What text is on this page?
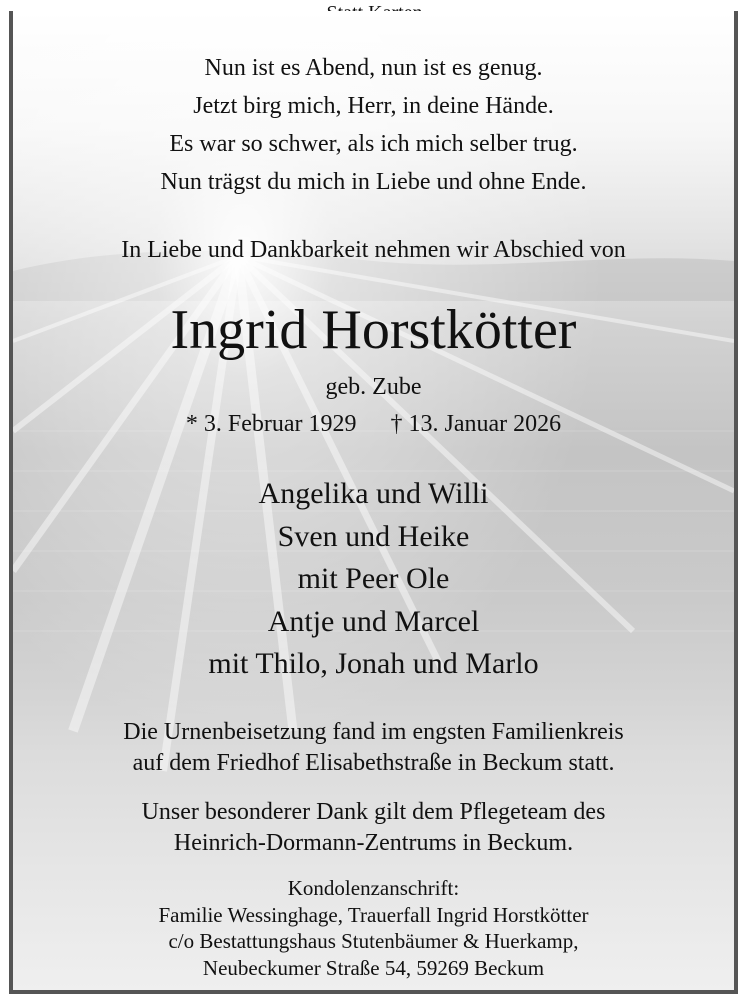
Nun ist es Abend, nun ist es genug.
Jetzt birg mich, Herr, in deine Hände.
Es war so schwer, als ich mich selber trug.
Nun trägst du mich in Liebe und ohne Ende.
In Liebe und Dankbarkeit nehmen wir Abschied von
Ingrid Horstkötter
geb. Zube
* 3. Februar 1929 † 13. Januar 2026
Angelika und Willi
Sven und Heike
mit Peer Ole
Antje und Marcel
mit Thilo, Jonah und Marlo
Die Urnenbeisetzung fand im engsten Familienkreis
auf dem Friedhof Elisabethstraße in Beckum statt.
Unser besonderer Dank gilt dem Pflegeteam des
Heinrich-Dormann-Zentrums in Beckum.
Kondolenzanschrift:
Familie Wessinghage, Trauerfall Ingrid Horstkötter
c/o Bestattungshaus Stutenbäumer & Huerkamp,
Neubeckumer Straße 54, 59269 Beckum
